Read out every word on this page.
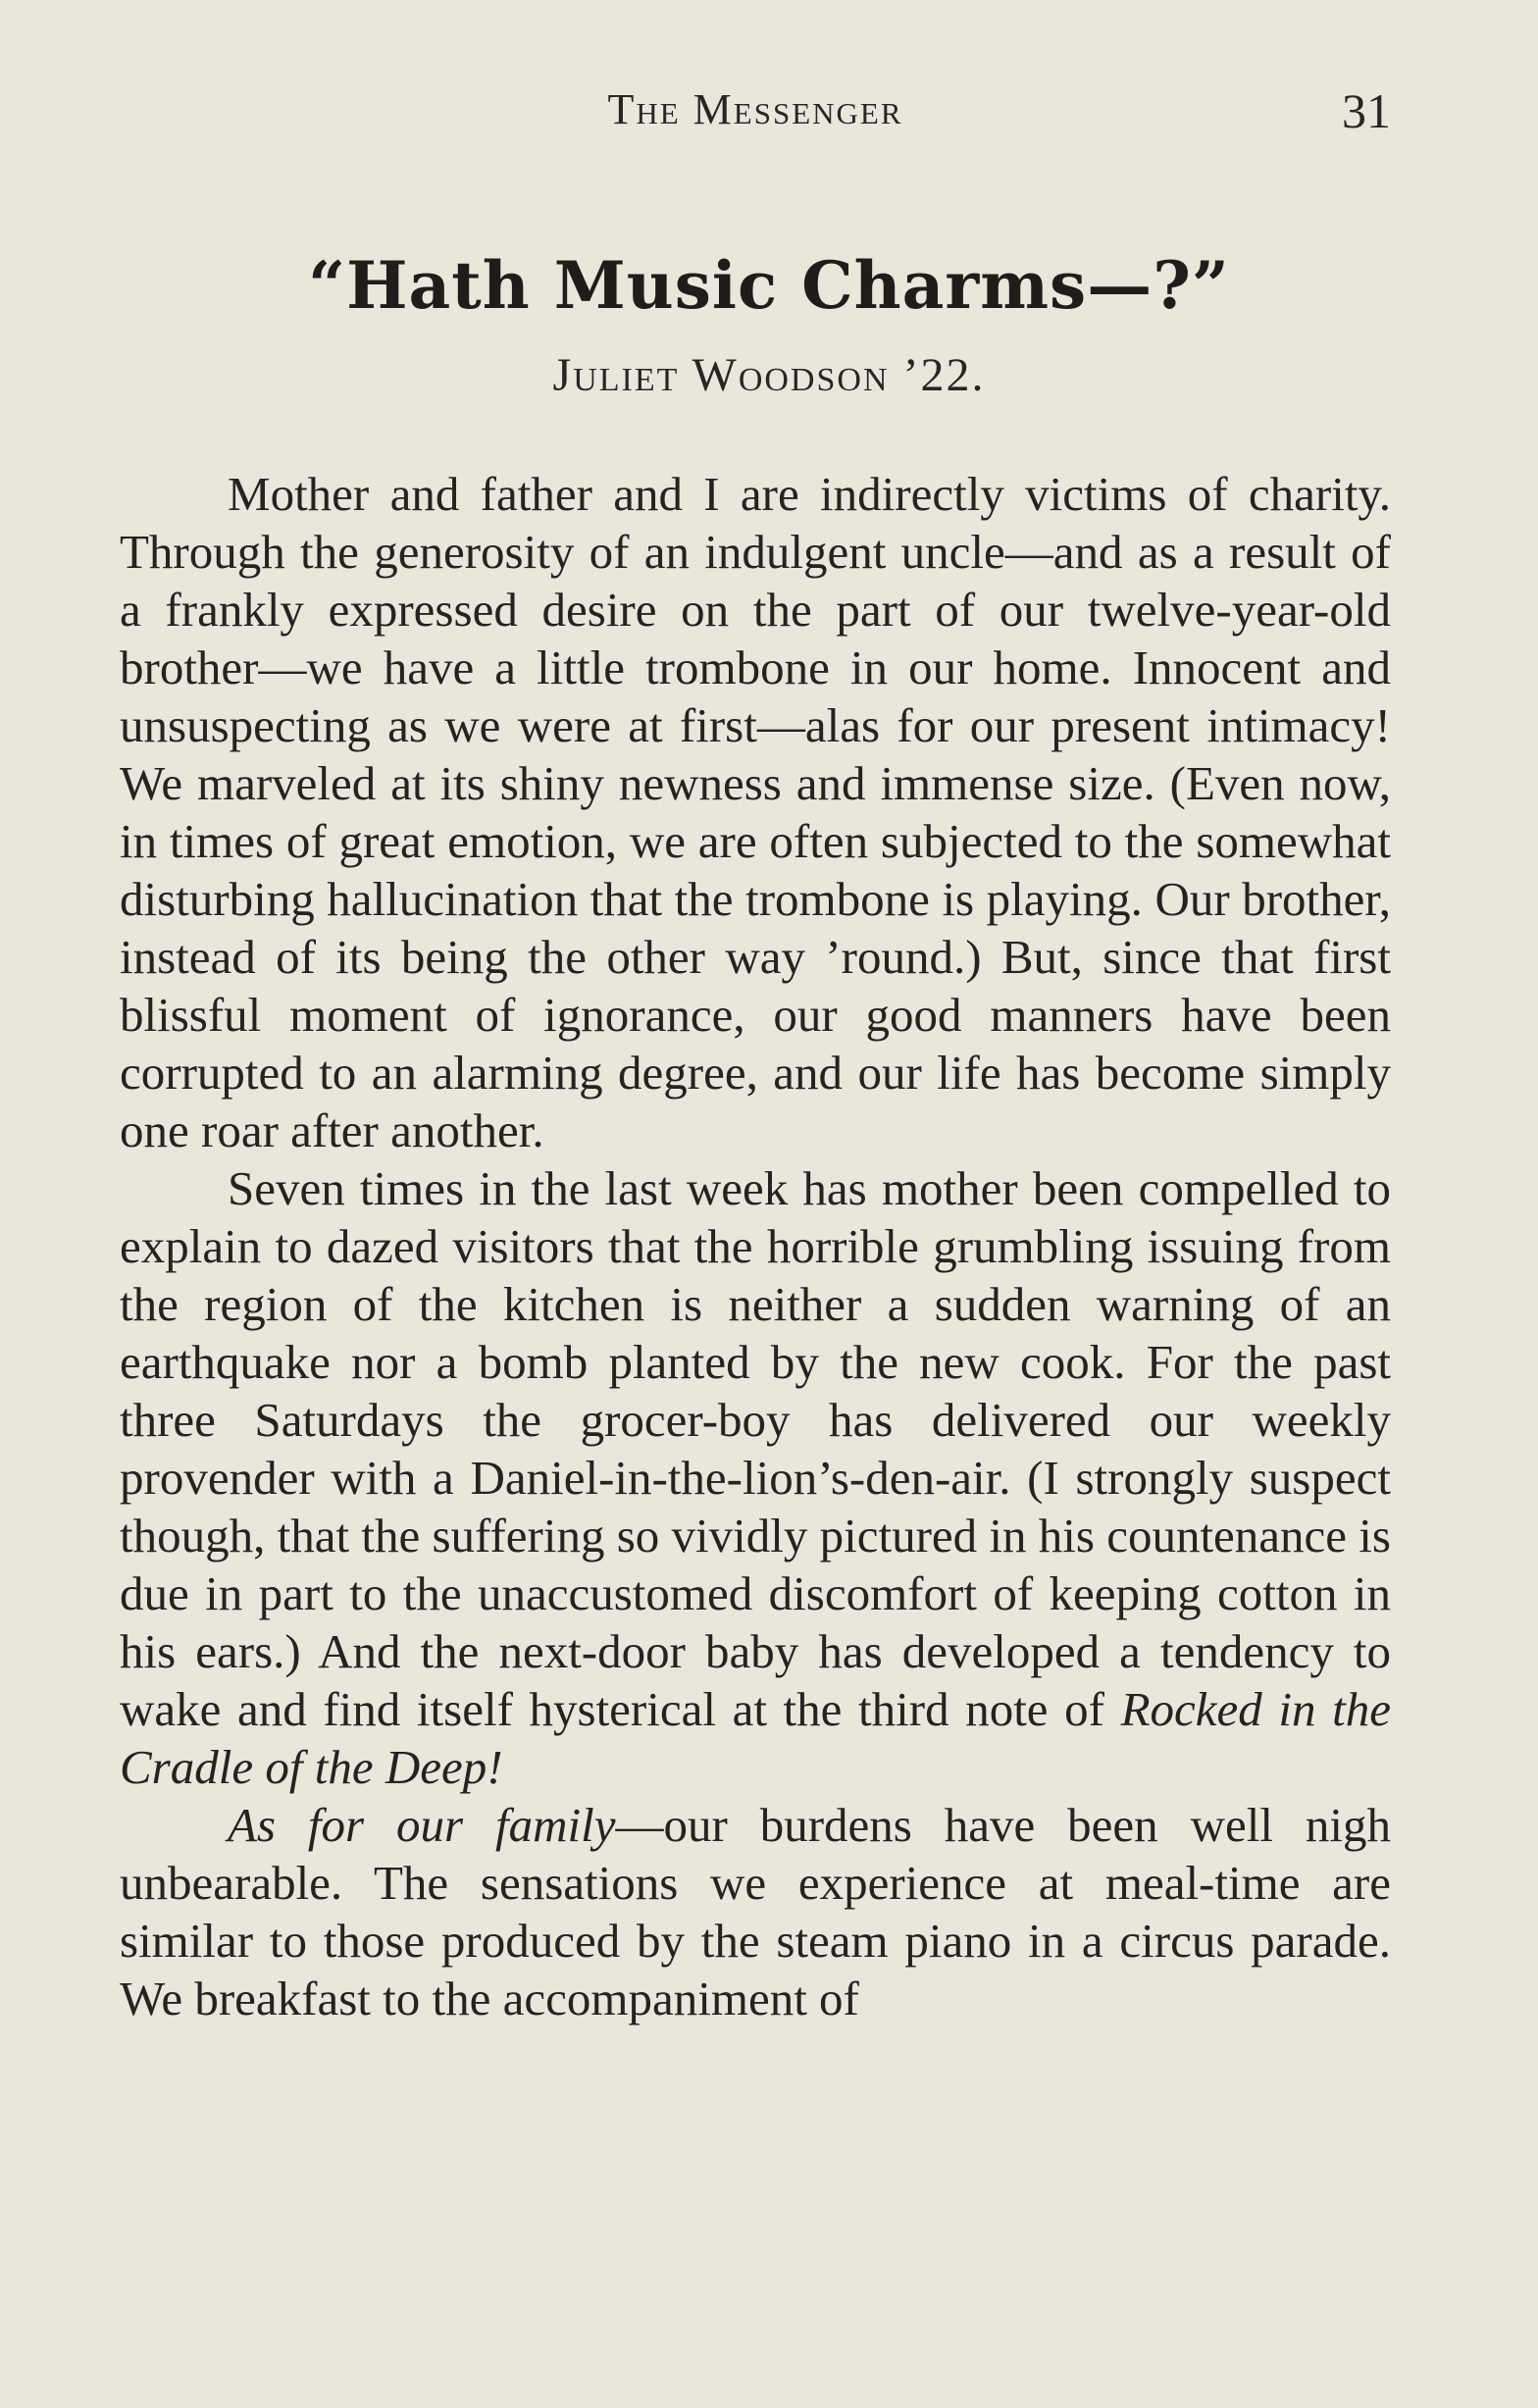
The Messenger	31
“Hath Music Charms—?”
Juliet Woodson ’22.

Mother and father and I are indirectly victims of charity. Through the generosity of an indulgent uncle—and as a result of a frankly expressed desire on the part of our twelve-year-old brother—we have a little trombone in our home. Innocent and unsuspecting as we were at first—alas for our present intimacy! We marveled at its shiny newness and immense size. (Even now, in times of great emotion, we are often subjected to the somewhat disturbing hallucination that the trombone is playing. Our brother, instead of its being the other way ’round.) But, since that first blissful moment of ignorance, our good manners have been corrupted to an alarming degree, and our life has become simply one roar after another.

Seven times in the last week has mother been compelled to explain to dazed visitors that the horrible grumbling issuing from the region of the kitchen is neither a sudden warning of an earthquake nor a bomb planted by the new cook. For the past three Saturdays the grocer-boy has delivered our weekly provender with a Daniel-in-the-lion’s-den-air. (I strongly suspect though, that the suffering so vividly pictured in his countenance is due in part to the unaccustomed discomfort of keeping cotton in his ears.) And the next-door baby has developed a tendency to wake and find itself hysterical at the third note of Rocked in the Cradle of the Deep!

As for our family—our burdens have been well nigh unbearable. The sensations we experience at meal-time are similar to those produced by the steam piano in a circus parade. We breakfast to the accompaniment of
